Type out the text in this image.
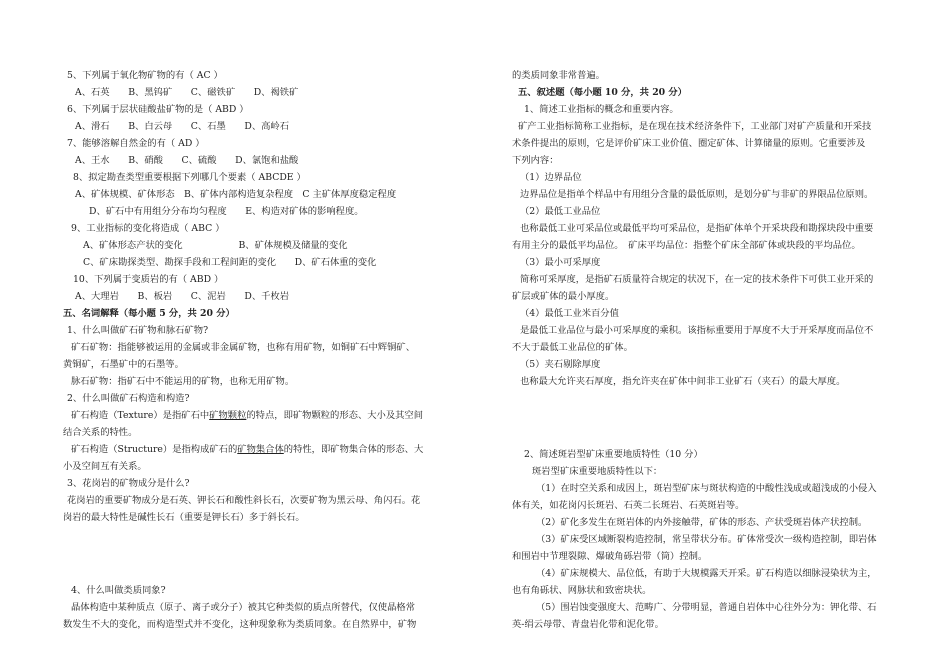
5、下列属于氧化物矿物的有（ AC ）
A、石英　　B、黑钨矿　　C、磁铁矿　　D、褐铁矿
6、下列属于层状硅酸盐矿物的是（ ABD ）
A、滑石　　B、白云母　　C、石墨　　D、高岭石
7、能够溶解自然金的有（ AD ）
A、王水　　B、硝酸　　C、硫酸　　D、氯饱和盐酸
8、拟定勘查类型重要根据下列哪几个要素（ ABCDE ）
A、矿体规模、矿体形态　B、矿体内部构造复杂程度　C 主矿体厚度稳定程度
D、矿石中有用组分分布均匀程度　　E、构造对矿体的影响程度。
9、工业指标的变化将造成（ ABC ）
A、矿体形态产状的变化　　　　　　B、矿体规模及储量的变化
C、矿床勘探类型、勘探手段和工程间距的变化　　D、矿石体重的变化
10、下列属于变质岩的有（ ABD ）
A、大理岩　　B、板岩　　C、泥岩　　D、千枚岩
五、名词解释（每小题 5 分，共 20 分）
1、什么叫做矿石矿物和脉石矿物?
矿石矿物：指能够被运用的金属或非金属矿物，也称有用矿物，如铜矿石中辉铜矿、
黄铜矿，石墨矿中的石墨等。
脉石矿物：指矿石中不能运用的矿物，也称无用矿物。
2、什么叫做矿石构造和构造?
矿石构造（Texture）是指矿石中矿物颗粒的特点，即矿物颗粒的形态、大小及其空间
结合关系的特性。
矿石构造（Structure）是指构成矿石的矿物集合体的特性，即矿物集合体的形态、大
小及空间互有关系。
3、花岗岩的矿物成分是什么?
花岗岩的重要矿物成分是石英、钾长石和酸性斜长石，次要矿物为黑云母、角闪石。花
岗岩的最大特性是碱性长石（重要是钾长石）多于斜长石。
4、什么叫做类质同象?
晶体构造中某种质点（原子、离子或分子）被其它种类似的质点所替代，仅使晶格常
数发生不大的变化，而构造型式并不变化，这种现象称为类质同象。在自然界中，矿物
的类质同象非常普遍。
五、叙述题（每小题 10 分，共 20 分）
1、简述工业指标的概念和重要内容。
矿产工业指标简称工业指标，是在现在技术经济条件下，工业部门对矿产质量和开采技
术条件提出的原则，它是评价矿床工业价值、圈定矿体、计算储量的原则。它重要涉及
下列内容：
（1）边界品位
边界品位是指单个样品中有用组分含量的最低原则，是划分矿与非矿的界限品位原则。
（2）最低工业品位
也称最低工业可采品位或最低平均可采品位，是指矿体单个开采块段和勘探块段中重要
有用主分的最低平均品位。　矿床平均品位：指整个矿床全部矿体或块段的平均品位。
（3）最小可采厚度
简称可采厚度，是指矿石质量符合规定的状况下，在一定的技术条件下可供工业开采的
矿层或矿体的最小厚度。
（4）最低工业米百分值
是最低工业品位与最小可采厚度的乘积。该指标重要用于厚度不大于开采厚度而品位不
不大于最低工业品位的矿体。
（5）夹石剔除厚度
也称最大允许夹石厚度，指允许夹在矿体中间非工业矿石（夹石）的最大厚度。
2、简述斑岩型矿床重要地质特性（10 分）
斑岩型矿床重要地质特性以下：
（1）在时空关系和成因上，斑岩型矿床与斑状构造的中酸性浅成或超浅成的小侵入
体有关，如花岗闪长斑岩、石英二长斑岩、石英斑岩等。
（2）矿化多发生在斑岩体的内外接触带，矿体的形态、产状受斑岩体产状控制。
（3）矿床受区域断裂构造控制，常呈带状分布。矿体常受次一级构造控制，即岩体
和围岩中节理裂隙、爆破角砾岩带（筒）控制。
（4）矿床规模大、品位低，有助于大规模露天开采。矿石构造以细脉浸染状为主，
也有角砾状、网脉状和致密块状。
（5）围岩蚀变强度大、范畴广、分带明显，普通自岩体中心往外分为：钾化带、石
英-绢云母带、青盘岩化带和泥化带。
